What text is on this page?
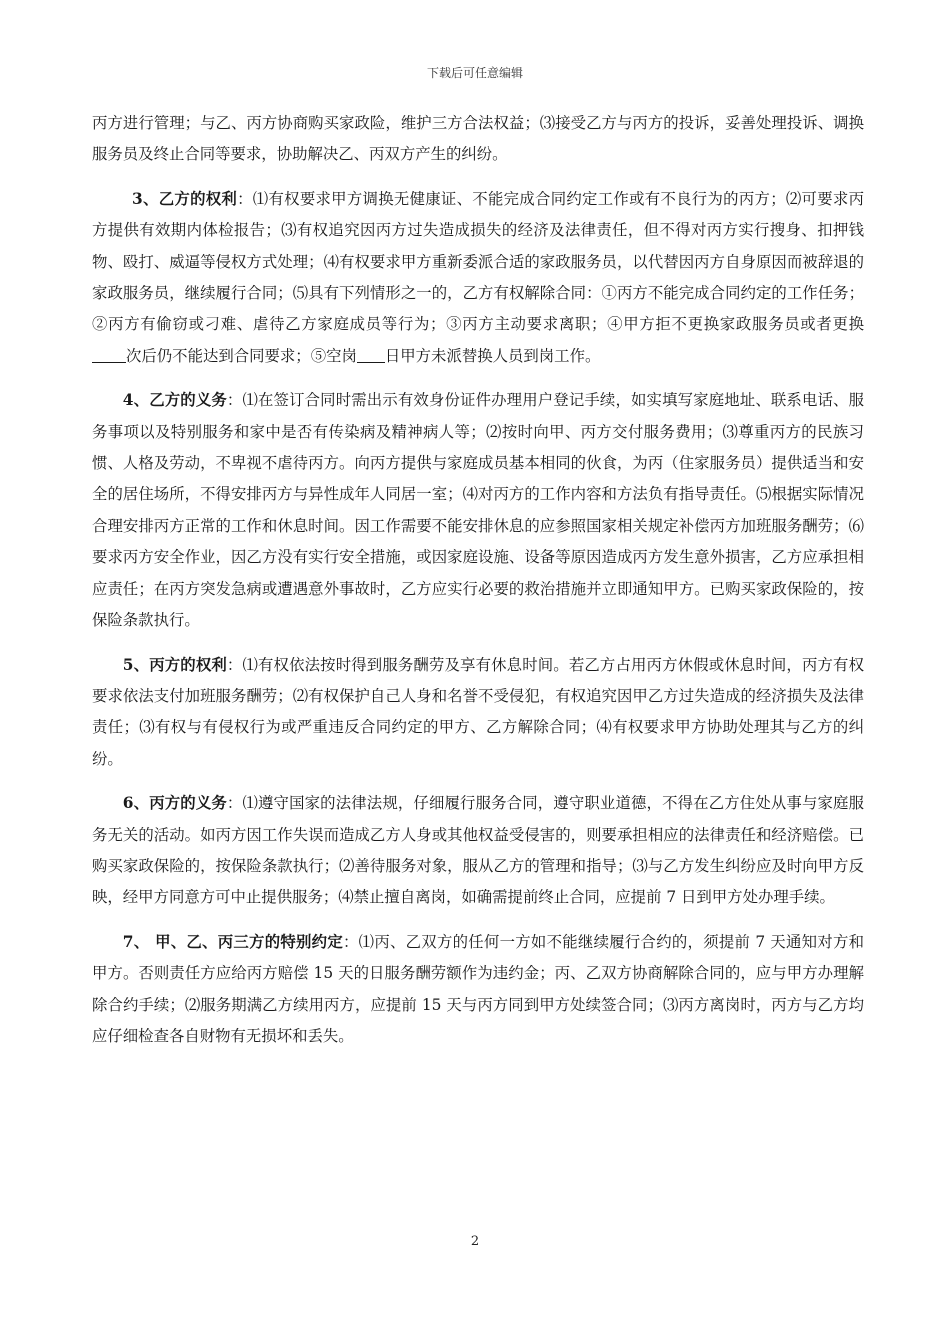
下载后可任意编辑

丙方进行管理；与乙、丙方协商购买家政险，维护三方合法权益；⑶接受乙方与丙方的投诉，妥善处理投诉、调换服务员及终止合同等要求，协助解决乙、丙双方产生的纠纷。

3、乙方的权利：⑴有权要求甲方调换无健康证、不能完成合同约定工作或有不良行为的丙方；⑵可要求丙方提供有效期内体检报告；⑶有权追究因丙方过失造成损失的经济及法律责任，但不得对丙方实行搜身、扣押钱物、殴打、威逼等侵权方式处理；⑷有权要求甲方重新委派合适的家政服务员，以代替因丙方自身原因而被辞退的家政服务员，继续履行合同；⑸具有下列情形之一的，乙方有权解除合同：①丙方不能完成合同约定的工作任务；②丙方有偷窃或刁难、虐待乙方家庭成员等行为；③丙方主动要求离职；④甲方拒不更换家政服务员或者更换次后仍不能达到合同要求；⑤空岗 日甲方未派替换人员到岗工作。

4、乙方的义务：⑴在签订合同时需出示有效身份证件办理用户登记手续，如实填写家庭地址、联系电话、服务事项以及特别服务和家中是否有传染病及精神病人等；⑵按时向甲、丙方交付服务费用；⑶尊重丙方的民族习惯、人格及劳动，不卑视不虐待丙方。向丙方提供与家庭成员基本相同的伙食，为丙（住家服务员）提供适当和安全的居住场所，不得安排丙方与异性成年人同居一室；⑷对丙方的工作内容和方法负有指导责任。⑸根据实际情况合理安排丙方正常的工作和休息时间。因工作需要不能安排休息的应参照国家相关规定补偿丙方加班服务酬劳；⑹要求丙方安全作业，因乙方没有实行安全措施，或因家庭设施、设备等原因造成丙方发生意外损害，乙方应承担相应责任；在丙方突发急病或遭遇意外事故时，乙方应实行必要的救治措施并立即通知甲方。已购买家政保险的，按保险条款执行。

5、丙方的权利：⑴有权依法按时得到服务酬劳及享有休息时间。若乙方占用丙方休假或休息时间，丙方有权要求依法支付加班服务酬劳；⑵有权保护自己人身和名誉不受侵犯，有权追究因甲乙方过失造成的经济损失及法律责任；⑶有权与有侵权行为或严重违反合同约定的甲方、乙方解除合同；⑷有权要求甲方协助处理其与乙方的纠纷。

6、丙方的义务：⑴遵守国家的法律法规，仔细履行服务合同，遵守职业道德，不得在乙方住处从事与家庭服务无关的活动。如丙方因工作失误而造成乙方人身或其他权益受侵害的，则要承担相应的法律责任和经济赔偿。已购买家政保险的，按保险条款执行；⑵善待服务对象，服从乙方的管理和指导；⑶与乙方发生纠纷应及时向甲方反映，经甲方同意方可中止提供服务；⑷禁止擅自离岗，如确需提前终止合同，应提前 7 日到甲方处办理手续。

7、 甲、乙、丙三方的特别约定：⑴丙、乙双方的任何一方如不能继续履行合约的，须提前 7 天通知对方和甲方。否则责任方应给丙方赔偿 15 天的日服务酬劳额作为违约金；丙、乙双方协商解除合同的，应与甲方办理解除合约手续；⑵服务期满乙方续用丙方，应提前 15 天与丙方同到甲方处续签合同；⑶丙方离岗时，丙方与乙方均应仔细检查各自财物有无损坏和丢失。

2
